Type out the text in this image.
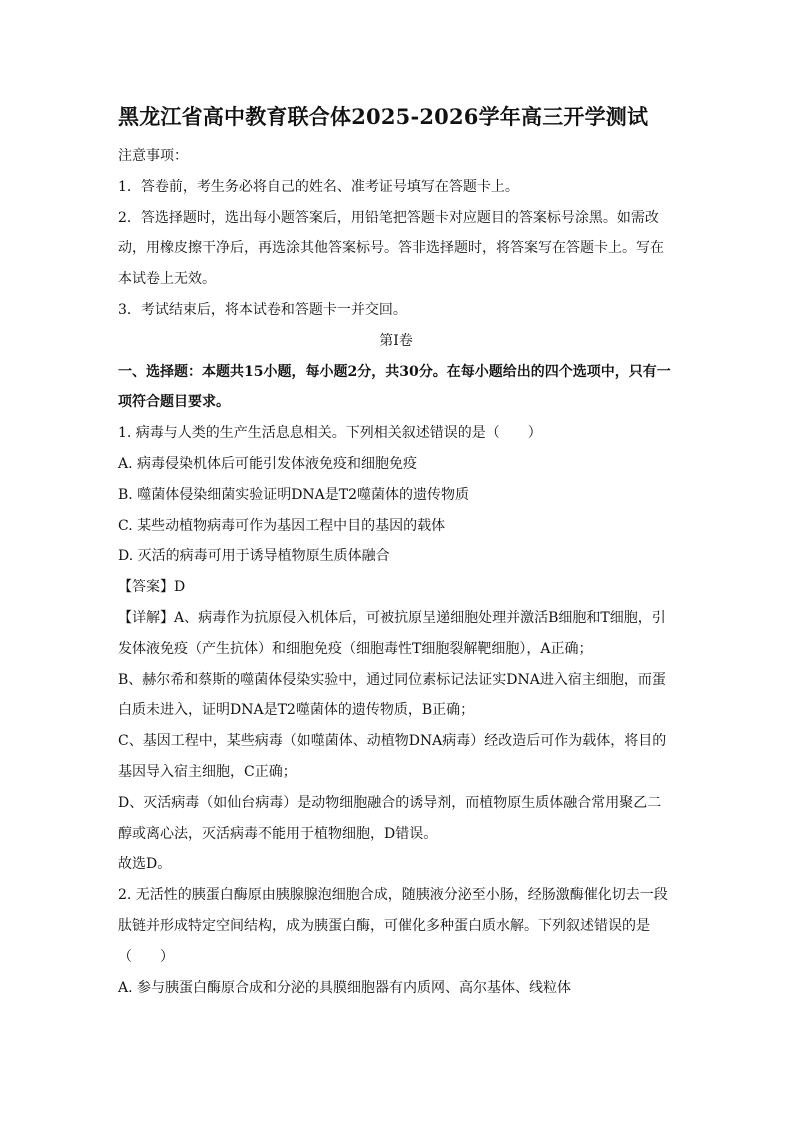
黑龙江省高中教育联合体2025-2026学年高三开学测试

注意事项：

1．答卷前，考生务必将自己的姓名、准考证号填写在答题卡上。

2．答选择题时，选出每小题答案后，用铅笔把答题卡对应题目的答案标号涂黑。如需改动，用橡皮擦干净后，再选涂其他答案标号。答非选择题时，将答案写在答题卡上。写在本试卷上无效。

3．考试结束后，将本试卷和答题卡一并交回。

第Ⅰ卷

一、选择题：本题共15小题，每小题2分，共30分。在每小题给出的四个选项中，只有一项符合题目要求。

1. 病毒与人类的生产生活息息相关。下列相关叙述错误的是（　　）

A. 病毒侵染机体后可能引发体液免疫和细胞免疫

B. 噬菌体侵染细菌实验证明DNA是T2噬菌体的遗传物质

C. 某些动植物病毒可作为基因工程中目的基因的载体

D. 灭活的病毒可用于诱导植物原生质体融合

【答案】D

【详解】A、病毒作为抗原侵入机体后，可被抗原呈递细胞处理并激活B细胞和T细胞，引发体液免疫（产生抗体）和细胞免疫（细胞毒性T细胞裂解靶细胞），A正确；

B、赫尔希和蔡斯的噬菌体侵染实验中，通过同位素标记法证实DNA进入宿主细胞，而蛋白质未进入，证明DNA是T2噬菌体的遗传物质，B正确；

C、基因工程中，某些病毒（如噬菌体、动植物DNA病毒）经改造后可作为载体，将目的基因导入宿主细胞，C正确；

D、灭活病毒（如仙台病毒）是动物细胞融合的诱导剂，而植物原生质体融合常用聚乙二醇或离心法，灭活病毒不能用于植物细胞，D错误。

故选D。

2. 无活性的胰蛋白酶原由胰腺腺泡细胞合成，随胰液分泌至小肠，经肠激酶催化切去一段肽链并形成特定空间结构，成为胰蛋白酶，可催化多种蛋白质水解。下列叙述错误的是（　　）

A. 参与胰蛋白酶原合成和分泌的具膜细胞器有内质网、高尔基体、线粒体
